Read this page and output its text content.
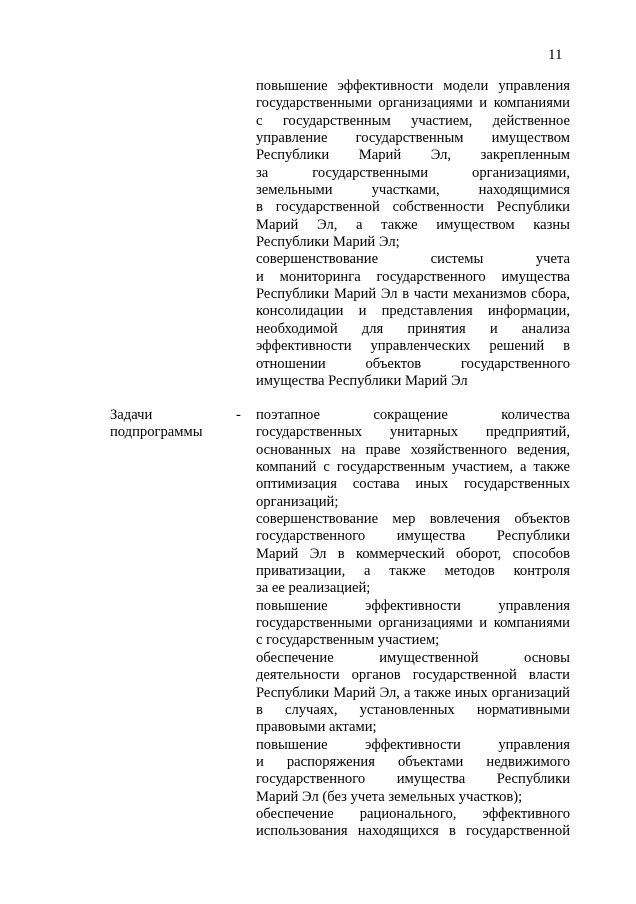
11
повышение эффективности модели управления
государственными организациями и компаниями
с государственным участием, действенное
управление государственным имуществом
Республики Марий Эл, закрепленным
за государственными организациями,
земельными участками, находящимися
в государственной собственности Республики
Марий Эл, а также имуществом казны
Республики Марий Эл;
совершенствование системы учета
и мониторинга государственного имущества
Республики Марий Эл в части механизмов сбора,
консолидации и представления информации,
необходимой для принятия и анализа
эффективности управленческих решений в
отношении объектов государственного
имущества Республики Марий Эл
Задачи
подпрограммы
- поэтапное сокращение количества
государственных унитарных предприятий,
основанных на праве хозяйственного ведения,
компаний с государственным участием, а также
оптимизация состава иных государственных
организаций;
совершенствование мер вовлечения объектов
государственного имущества Республики
Марий Эл в коммерческий оборот, способов
приватизации, а также методов контроля
за ее реализацией;
повышение эффективности управления
государственными организациями и компаниями
с государственным участием;
обеспечение имущественной основы
деятельности органов государственной власти
Республики Марий Эл, а также иных организаций
в случаях, установленных нормативными
правовыми актами;
повышение эффективности управления
и распоряжения объектами недвижимого
государственного имущества Республики
Марий Эл (без учета земельных участков);
обеспечение рационального, эффективного
использования находящихся в государственной
